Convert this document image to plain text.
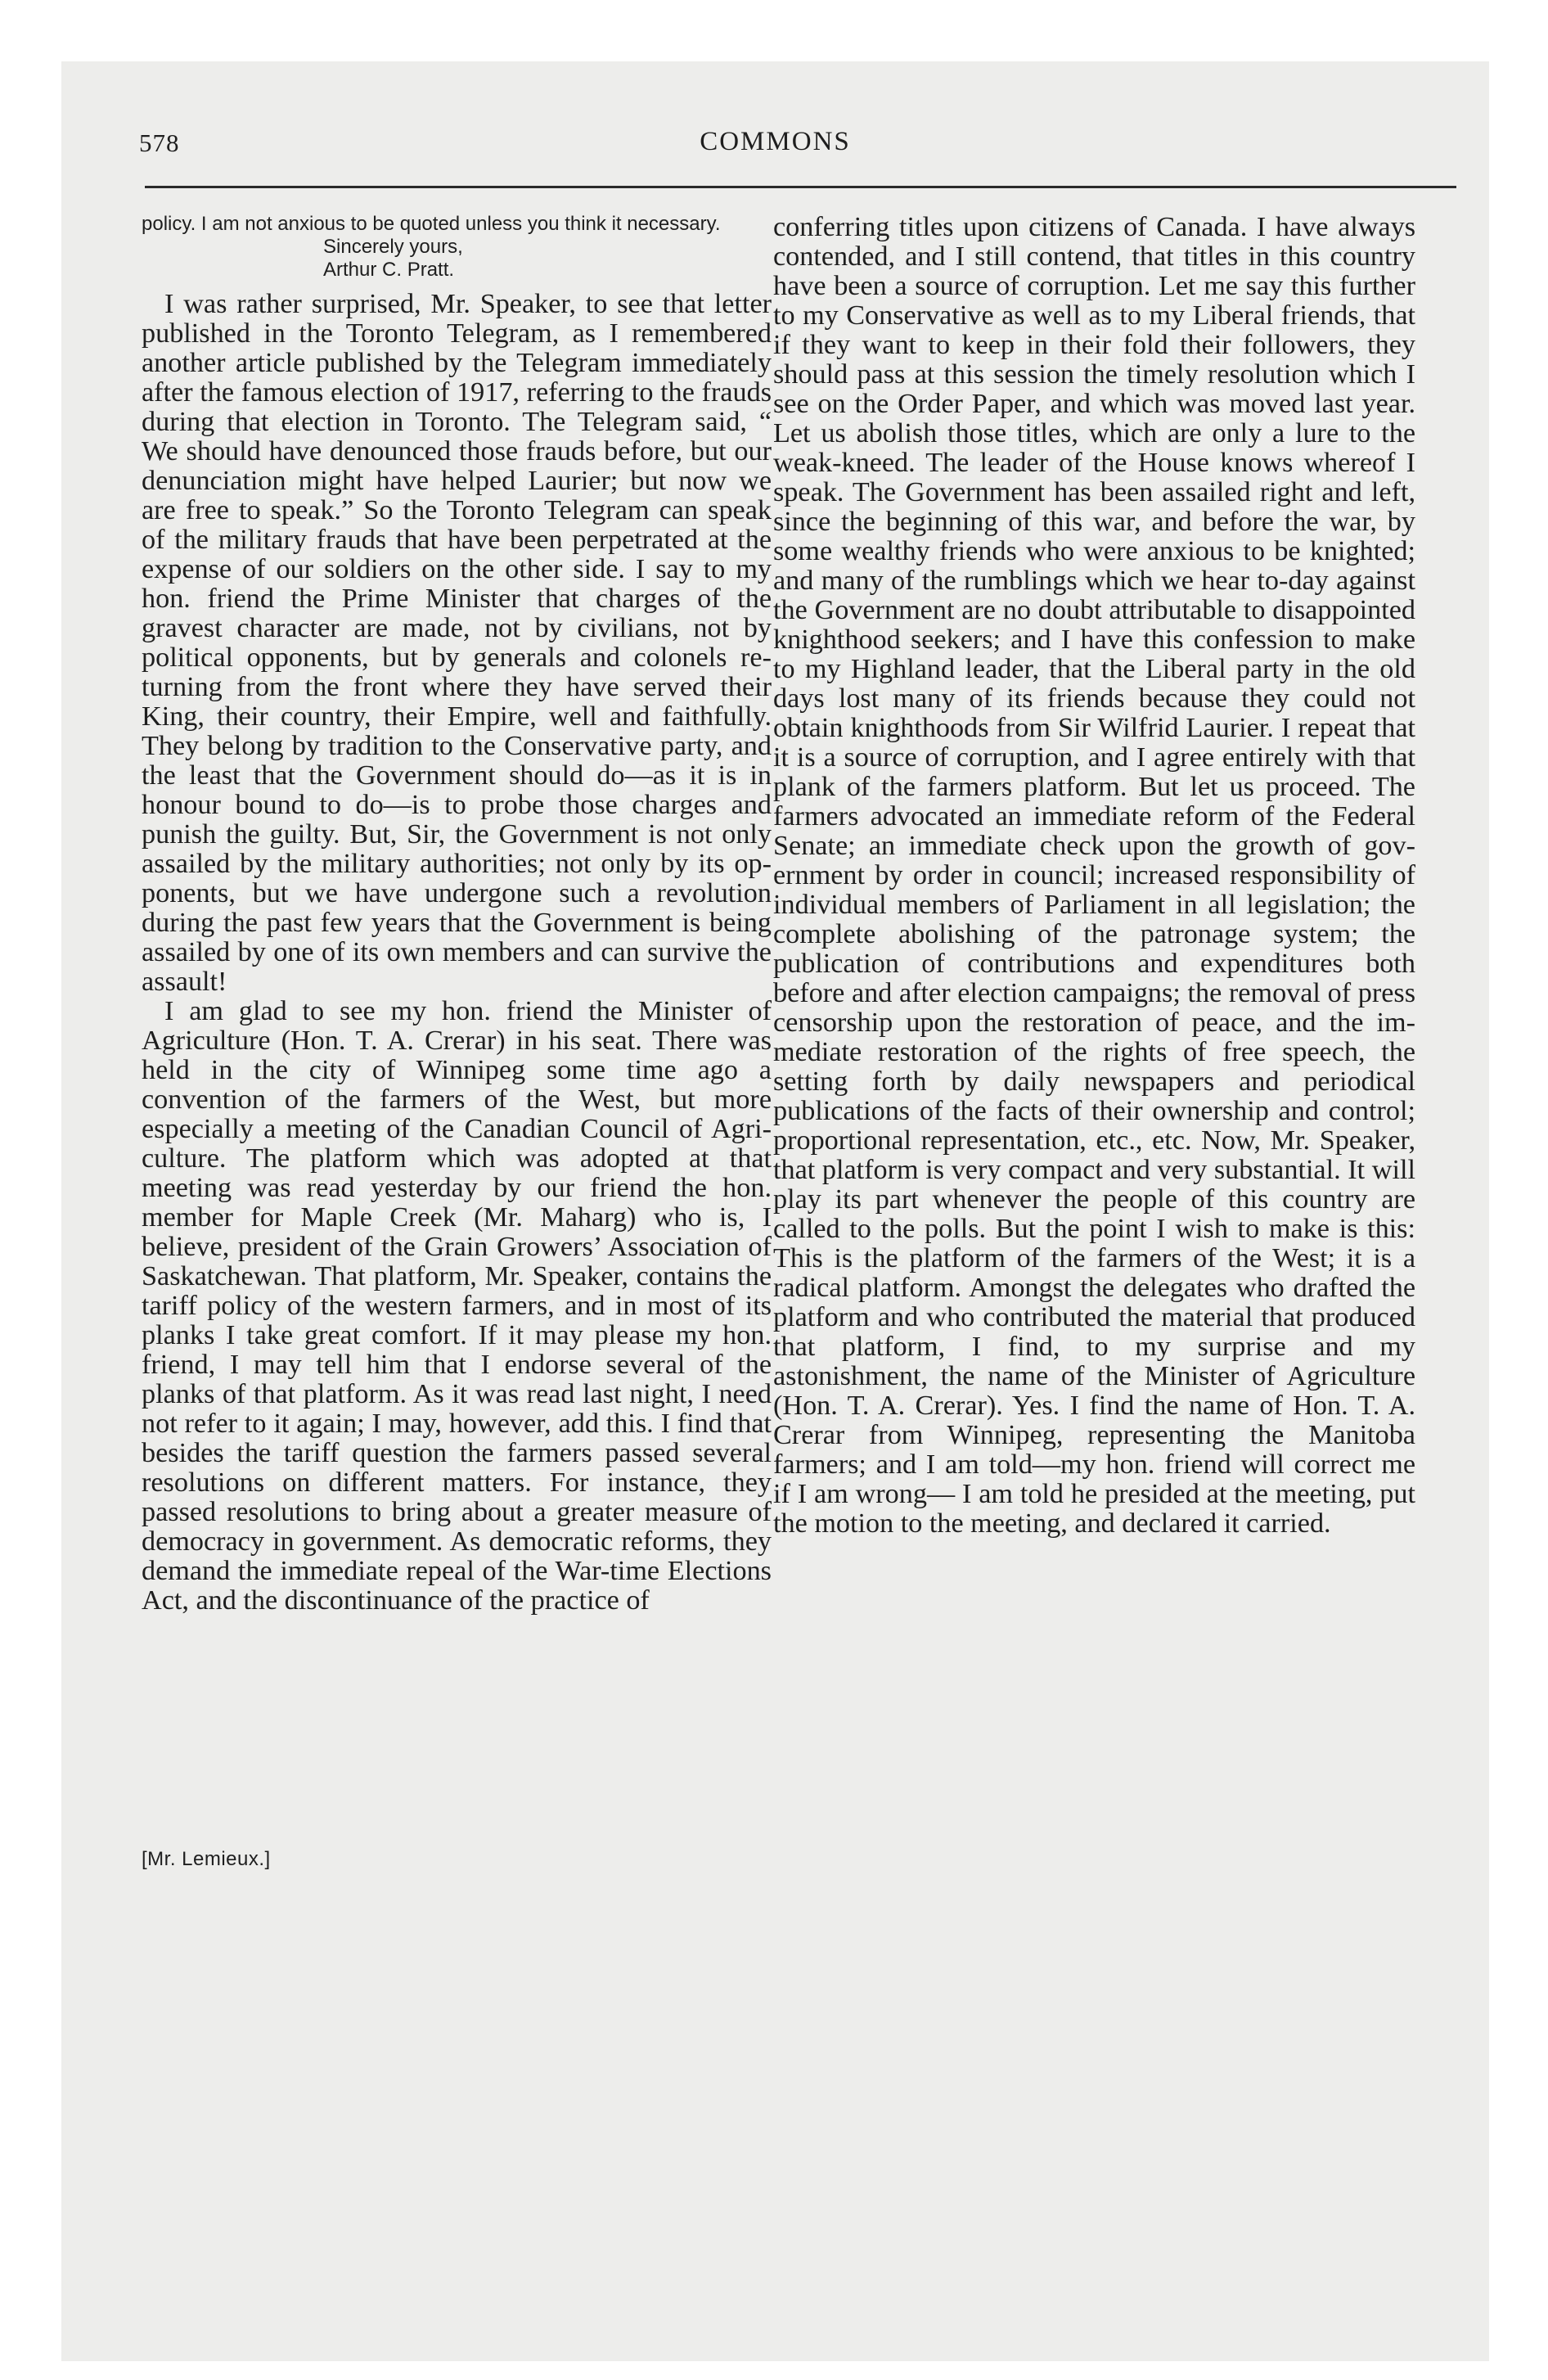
578	COMMONS

policy. I am not anxious to be quoted unless you think it necessary.

Sincerely yours,
Arthur C. Pratt.

I was rather surprised, Mr. Speaker, to see that letter published in the Toronto Telegram, as I remembered another article published by the Telegram immediately after the famous election of 1917, referring to the frauds during that election in Toronto. The Telegram said, “ We should have denounced those frauds before, but our denunciation might have helped Laurier; but now we are free to speak.” So the Toronto Telegram can speak of the military frauds that have been perpetrated at the expense of our soldiers on the other side. I say to my hon. friend the Prime Minister that charges of the gravest character are made, not by civilians, not by political opponents, but by generals and colonels returning from the front where they have served their King, their country, their Empire, well and faithfully. They belong by tradition to the Conservative party, and the least that the Government should do—as it is in honour bound to do—is to probe those charges and punish the guilty. But, Sir, the Government is not only assailed by the military authorities; not only by its opponents, but we have undergone such a revolution during the past few years that the Government is being assailed by one of its own members and can survive the assault!

I am glad to see my hon. friend the Minister of Agriculture (Hon. T. A. Crerar) in his seat. There was held in the city of Winnipeg some time ago a convention of the farmers of the West, but more especially a meeting of the Canadian Council of Agriculture. The platform which was adopted at that meeting was read yesterday by our friend the hon. member for Maple Creek (Mr. Maharg) who is, I believe, president of the Grain Growers’ Association of Saskatchewan. That platform, Mr. Speaker, contains the tariff policy of the western farmers, and in most of its planks I take great comfort. If it may please my hon. friend, I may tell him that I endorse several of the planks of that platform. As it was read last night, I need not refer to it again; I may, however, add this. I find that besides the tariff question the farmers passed several resolutions on different matters. For instance, they passed resolutions to bring about a greater measure of democracy in government. As democratic reforms, they demand the immediate repeal of the War-time Elections Act, and the discontinuance of the practice of

conferring titles upon citizens of Canada. I have always contended, and I still contend, that titles in this country have been a source of corruption. Let me say this further to my Conservative as well as to my Liberal friends, that if they want to keep in their fold their followers, they should pass at this session the timely resolution which I see on the Order Paper, and which was moved last year. Let us abolish those titles, which are only a lure to the weak-kneed. The leader of the House knows whereof I speak. The Government has been assailed right and left, since the beginning of this war, and before the war, by some wealthy friends who were anxious to be knighted; and many of the rumblings which we hear to-day against the Government are no doubt attributable to disappointed knighthood seekers; and I have this confession to make to my Highland leader, that the Liberal party in the old days lost many of its friends because they could not obtain knighthoods from Sir Wilfrid Laurier. I repeat that it is a source of corruption, and I agree entirely with that plank of the farmers platform. But let us proceed. The farmers advocated an immediate reform of the Federal Senate; an immediate check upon the growth of government by order in council; increased responsibility of individual members of Parliament in all legislation; the complete abolishing of the patronage system; the publication of contributions and expenditures both before and after election campaigns; the removal of press censorship upon the restoration of peace, and the immediate restoration of the rights of free speech, the setting forth by daily newspapers and periodical publications of the facts of their ownership and control; proportional representation, etc., etc. Now, Mr. Speaker, that platform is very compact and very substantial. It will play its part whenever the people of this country are called to the polls. But the point I wish to make is this: This is the platform of the farmers of the West; it is a radical platform. Amongst the delegates who drafted the platform and who contributed the material that produced that platform, I find, to my surprise and my astonishment, the name of the Minister of Agriculture (Hon. T. A. Crerar). Yes. I find the name of Hon. T. A. Crerar from Winnipeg, representing the Manitoba farmers; and I am told—my hon. friend will correct me if I am wrong— I am told he presided at the meeting, put the motion to the meeting, and declared it carried.

[Mr. Lemieux.]
